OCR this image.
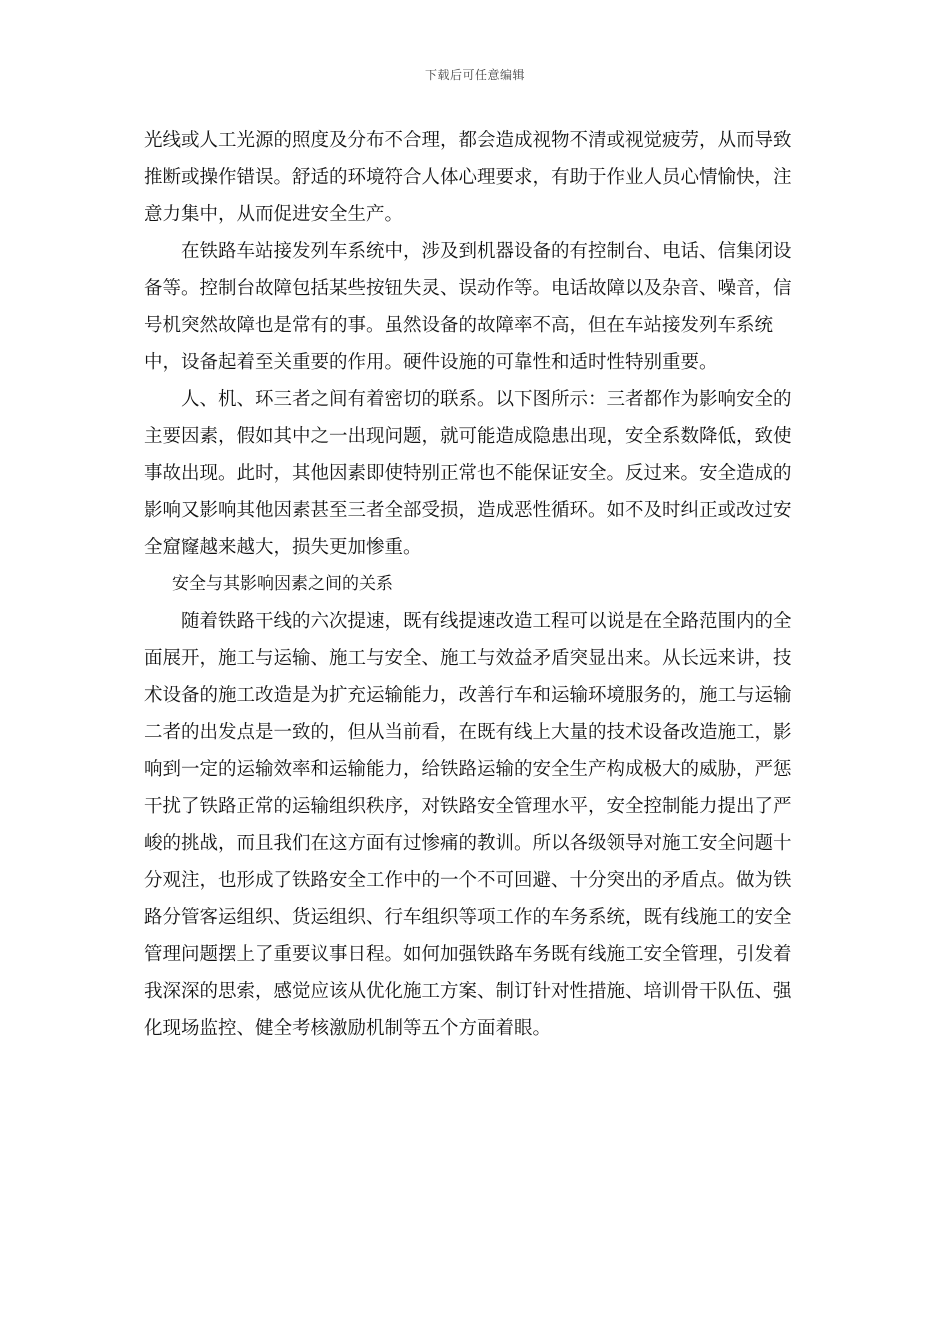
下载后可任意编辑

光线或人工光源的照度及分布不合理，都会造成视物不清或视觉疲劳，从而导致推断或操作错误。舒适的环境符合人体心理要求，有助于作业人员心情愉快，注意力集中，从而促进安全生产。

在铁路车站接发列车系统中，涉及到机器设备的有控制台、电话、信集闭设备等。控制台故障包括某些按钮失灵、误动作等。电话故障以及杂音、噪音，信号机突然故障也是常有的事。虽然设备的故障率不高，但在车站接发列车系统中，设备起着至关重要的作用。硬件设施的可靠性和适时性特别重要。

人、机、环三者之间有着密切的联系。以下图所示：三者都作为影响安全的主要因素，假如其中之一出现问题，就可能造成隐患出现，安全系数降低，致使事故出现。此时，其他因素即使特别正常也不能保证安全。反过来。安全造成的影响又影响其他因素甚至三者全部受损，造成恶性循环。如不及时纠正或改过安全窟窿越来越大，损失更加惨重。

安全与其影响因素之间的关系

随着铁路干线的六次提速，既有线提速改造工程可以说是在全路范围内的全面展开，施工与运输、施工与安全、施工与效益矛盾突显出来。从长远来讲，技术设备的施工改造是为扩充运输能力，改善行车和运输环境服务的，施工与运输二者的出发点是一致的，但从当前看，在既有线上大量的技术设备改造施工，影响到一定的运输效率和运输能力，给铁路运输的安全生产构成极大的威胁，严惩干扰了铁路正常的运输组织秩序，对铁路安全管理水平，安全控制能力提出了严峻的挑战，而且我们在这方面有过惨痛的教训。所以各级领导对施工安全问题十分观注，也形成了铁路安全工作中的一个不可回避、十分突出的矛盾点。做为铁路分管客运组织、货运组织、行车组织等项工作的车务系统，既有线施工的安全管理问题摆上了重要议事日程。如何加强铁路车务既有线施工安全管理，引发着我深深的思索，感觉应该从优化施工方案、制订针对性措施、培训骨干队伍、强化现场监控、健全考核激励机制等五个方面着眼。
